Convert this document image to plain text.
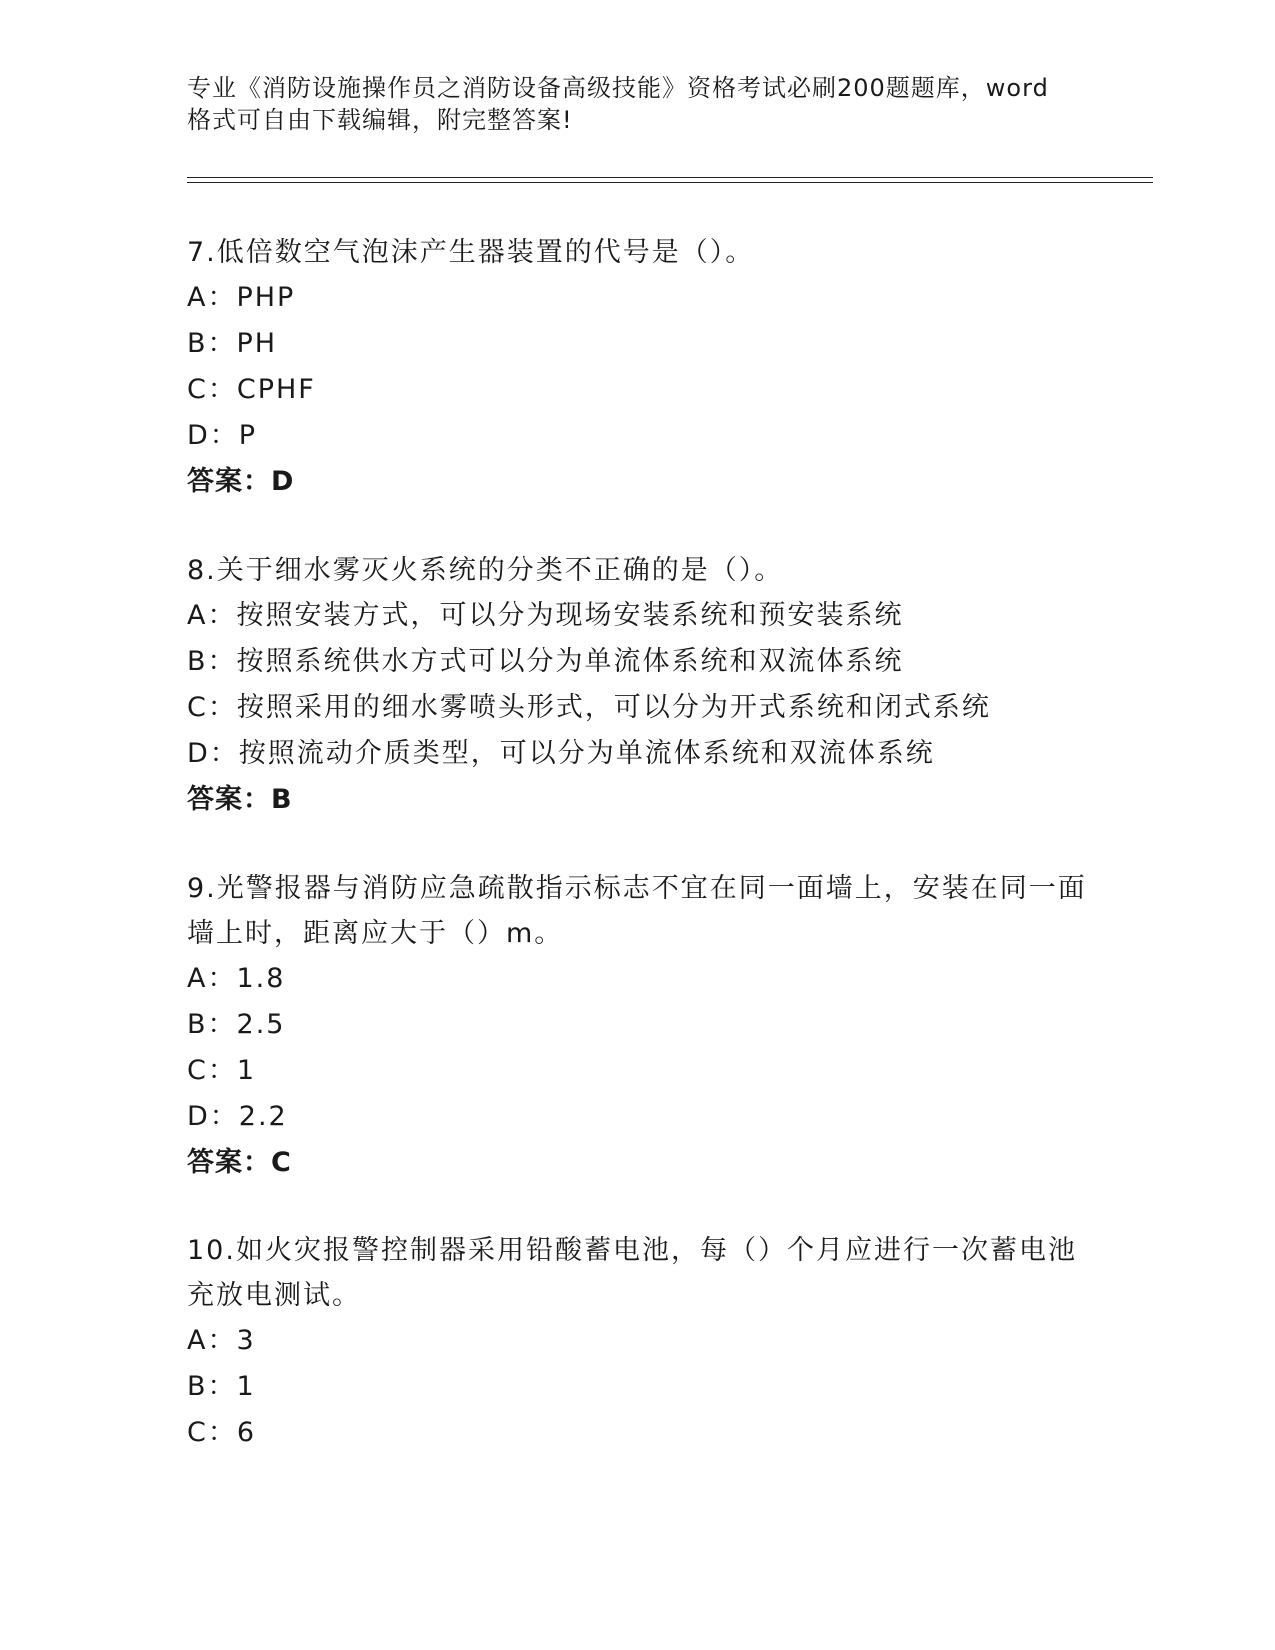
专业《消防设施操作员之消防设备高级技能》资格考试必刷200题题库，word格式可自由下载编辑，附完整答案!

7.低倍数空气泡沫产生器装置的代号是（）。

A：PHP

B：PH

C：CPHF

D：P

答案：D

8.关于细水雾灭火系统的分类不正确的是（）。

A：按照安装方式，可以分为现场安装系统和预安装系统

B：按照系统供水方式可以分为单流体系统和双流体系统

C：按照采用的细水雾喷头形式，可以分为开式系统和闭式系统

D：按照流动介质类型，可以分为单流体系统和双流体系统

答案：B

9.光警报器与消防应急疏散指示标志不宜在同一面墙上，安装在同一面墙上时，距离应大于（）m。

A：1.8

B：2.5

C：1

D：2.2

答案：C

10.如火灾报警控制器采用铅酸蓄电池，每（）个月应进行一次蓄电池充放电测试。

A：3

B：1

C：6
